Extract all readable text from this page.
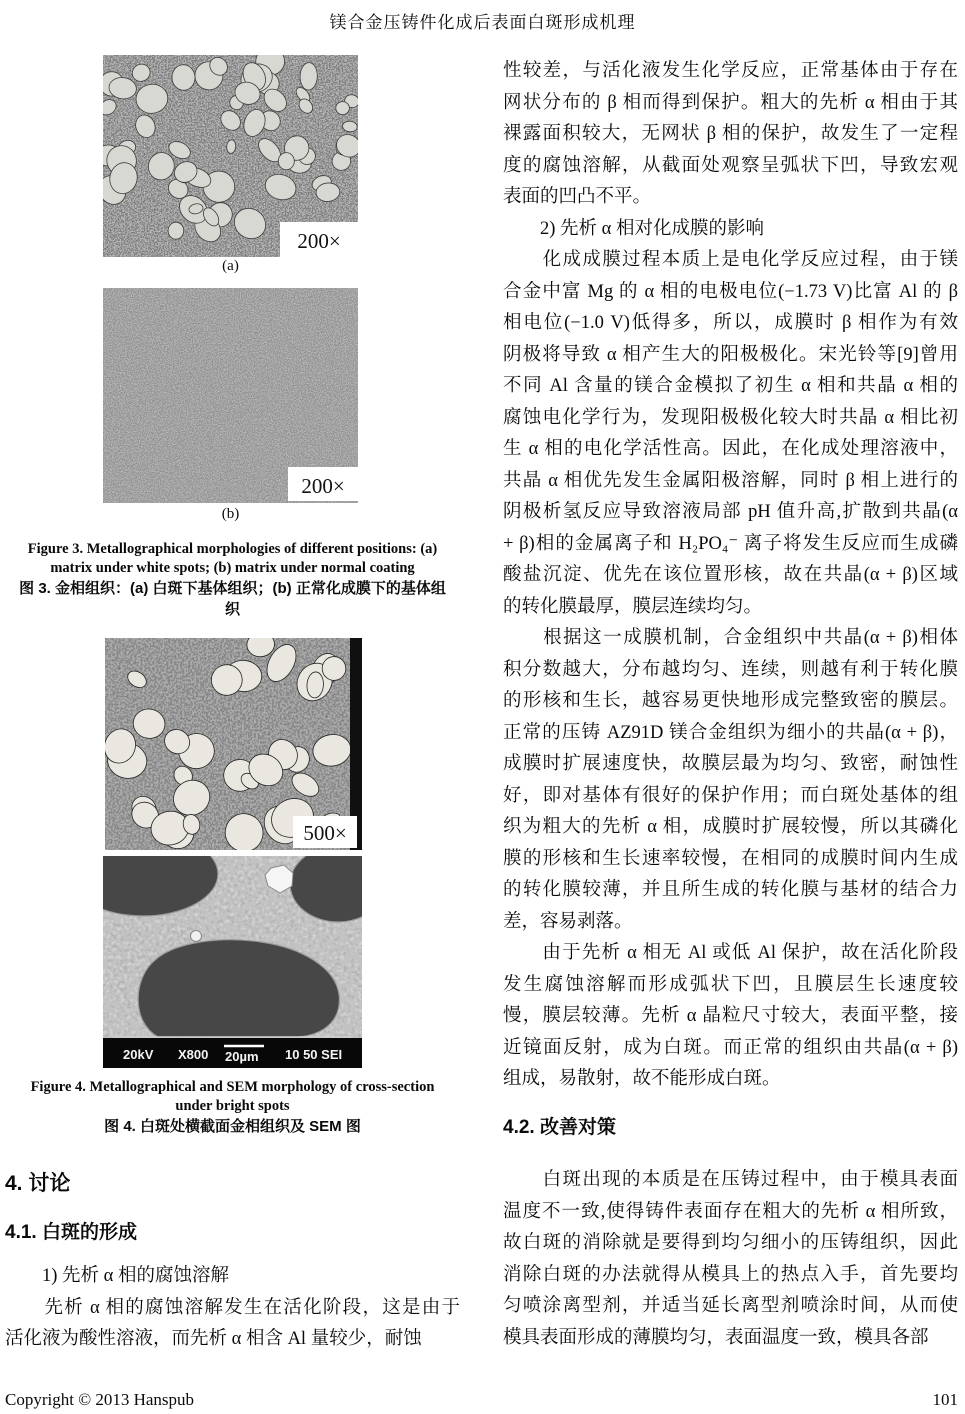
镁合金压铸件化成后表面白斑形成机理
200×
(a)
200×
(b)
Figure 3. Metallographical morphologies of different positions: (a)
matrix under white spots; (b) matrix under normal coating
图 3. 金相组织：(a) 白斑下基体组织；(b) 正常化成膜下的基体组
织
500×
20kV X800 20µm 10 50 SEI
Figure 4. Metallographical and SEM morphology of cross-section
under bright spots
图 4. 白斑处横截面金相组织及 SEM 图
4. 讨论
4.1. 白斑的形成
　　1) 先析 α 相的腐蚀溶解
　　先析 α 相的腐蚀溶解发生在活化阶段，这是由于
活化液为酸性溶液，而先析 α 相含 Al 量较少，耐蚀
性较差，与活化液发生化学反应，正常基体由于存在
网状分布的 β 相而得到保护。粗大的先析 α 相由于其
裸露面积较大，无网状 β 相的保护，故发生了一定程
度的腐蚀溶解，从截面处观察呈弧状下凹，导致宏观
表面的凹凸不平。
　　2) 先析 α 相对化成膜的影响
　　化成成膜过程本质上是电化学反应过程，由于镁
合金中富 Mg 的 α 相的电极电位(−1.73 V)比富 Al 的 β
相电位(−1.0 V)低得多，所以，成膜时 β 相作为有效
阴极将导致 α 相产生大的阳极极化。宋光铃等[9]曾用
不同 Al 含量的镁合金模拟了初生 α 相和共晶 α 相的
腐蚀电化学行为，发现阳极极化较大时共晶 α 相比初
生 α 相的电化学活性高。因此，在化成处理溶液中，
共晶 α 相优先发生金属阳极溶解，同时 β 相上进行的
阴极析氢反应导致溶液局部 pH 值升高,扩散到共晶(α
+ β)相的金属离子和 H₂PO₄⁻ 离子将发生反应而生成磷
酸盐沉淀、优先在该位置形核，故在共晶(α + β)区域
的转化膜最厚，膜层连续均匀。
　　根据这一成膜机制，合金组织中共晶(α + β)相体
积分数越大，分布越均匀、连续，则越有利于转化膜
的形核和生长，越容易更快地形成完整致密的膜层。
正常的压铸 AZ91D 镁合金组织为细小的共晶(α + β)，
成膜时扩展速度快，故膜层最为均匀、致密，耐蚀性
好，即对基体有很好的保护作用；而白斑处基体的组
织为粗大的先析 α 相，成膜时扩展较慢，所以其磷化
膜的形核和生长速率较慢，在相同的成膜时间内生成
的转化膜较薄，并且所生成的转化膜与基材的结合力
差，容易剥落。
　　由于先析 α 相无 Al 或低 Al 保护，故在活化阶段
发生腐蚀溶解而形成弧状下凹，且膜层生长速度较
慢，膜层较薄。先析 α 晶粒尺寸较大，表面平整，接
近镜面反射，成为白斑。而正常的组织由共晶(α + β)
组成，易散射，故不能形成白斑。
4.2. 改善对策
　　白斑出现的本质是在压铸过程中，由于模具表面
温度不一致,使得铸件表面存在粗大的先析 α 相所致，
故白斑的消除就是要得到均匀细小的压铸组织，因此
消除白斑的办法就得从模具上的热点入手，首先要均
匀喷涂离型剂，并适当延长离型剂喷涂时间，从而使
模具表面形成的薄膜均匀，表面温度一致，模具各部
Copyright © 2013 Hanspub	101
